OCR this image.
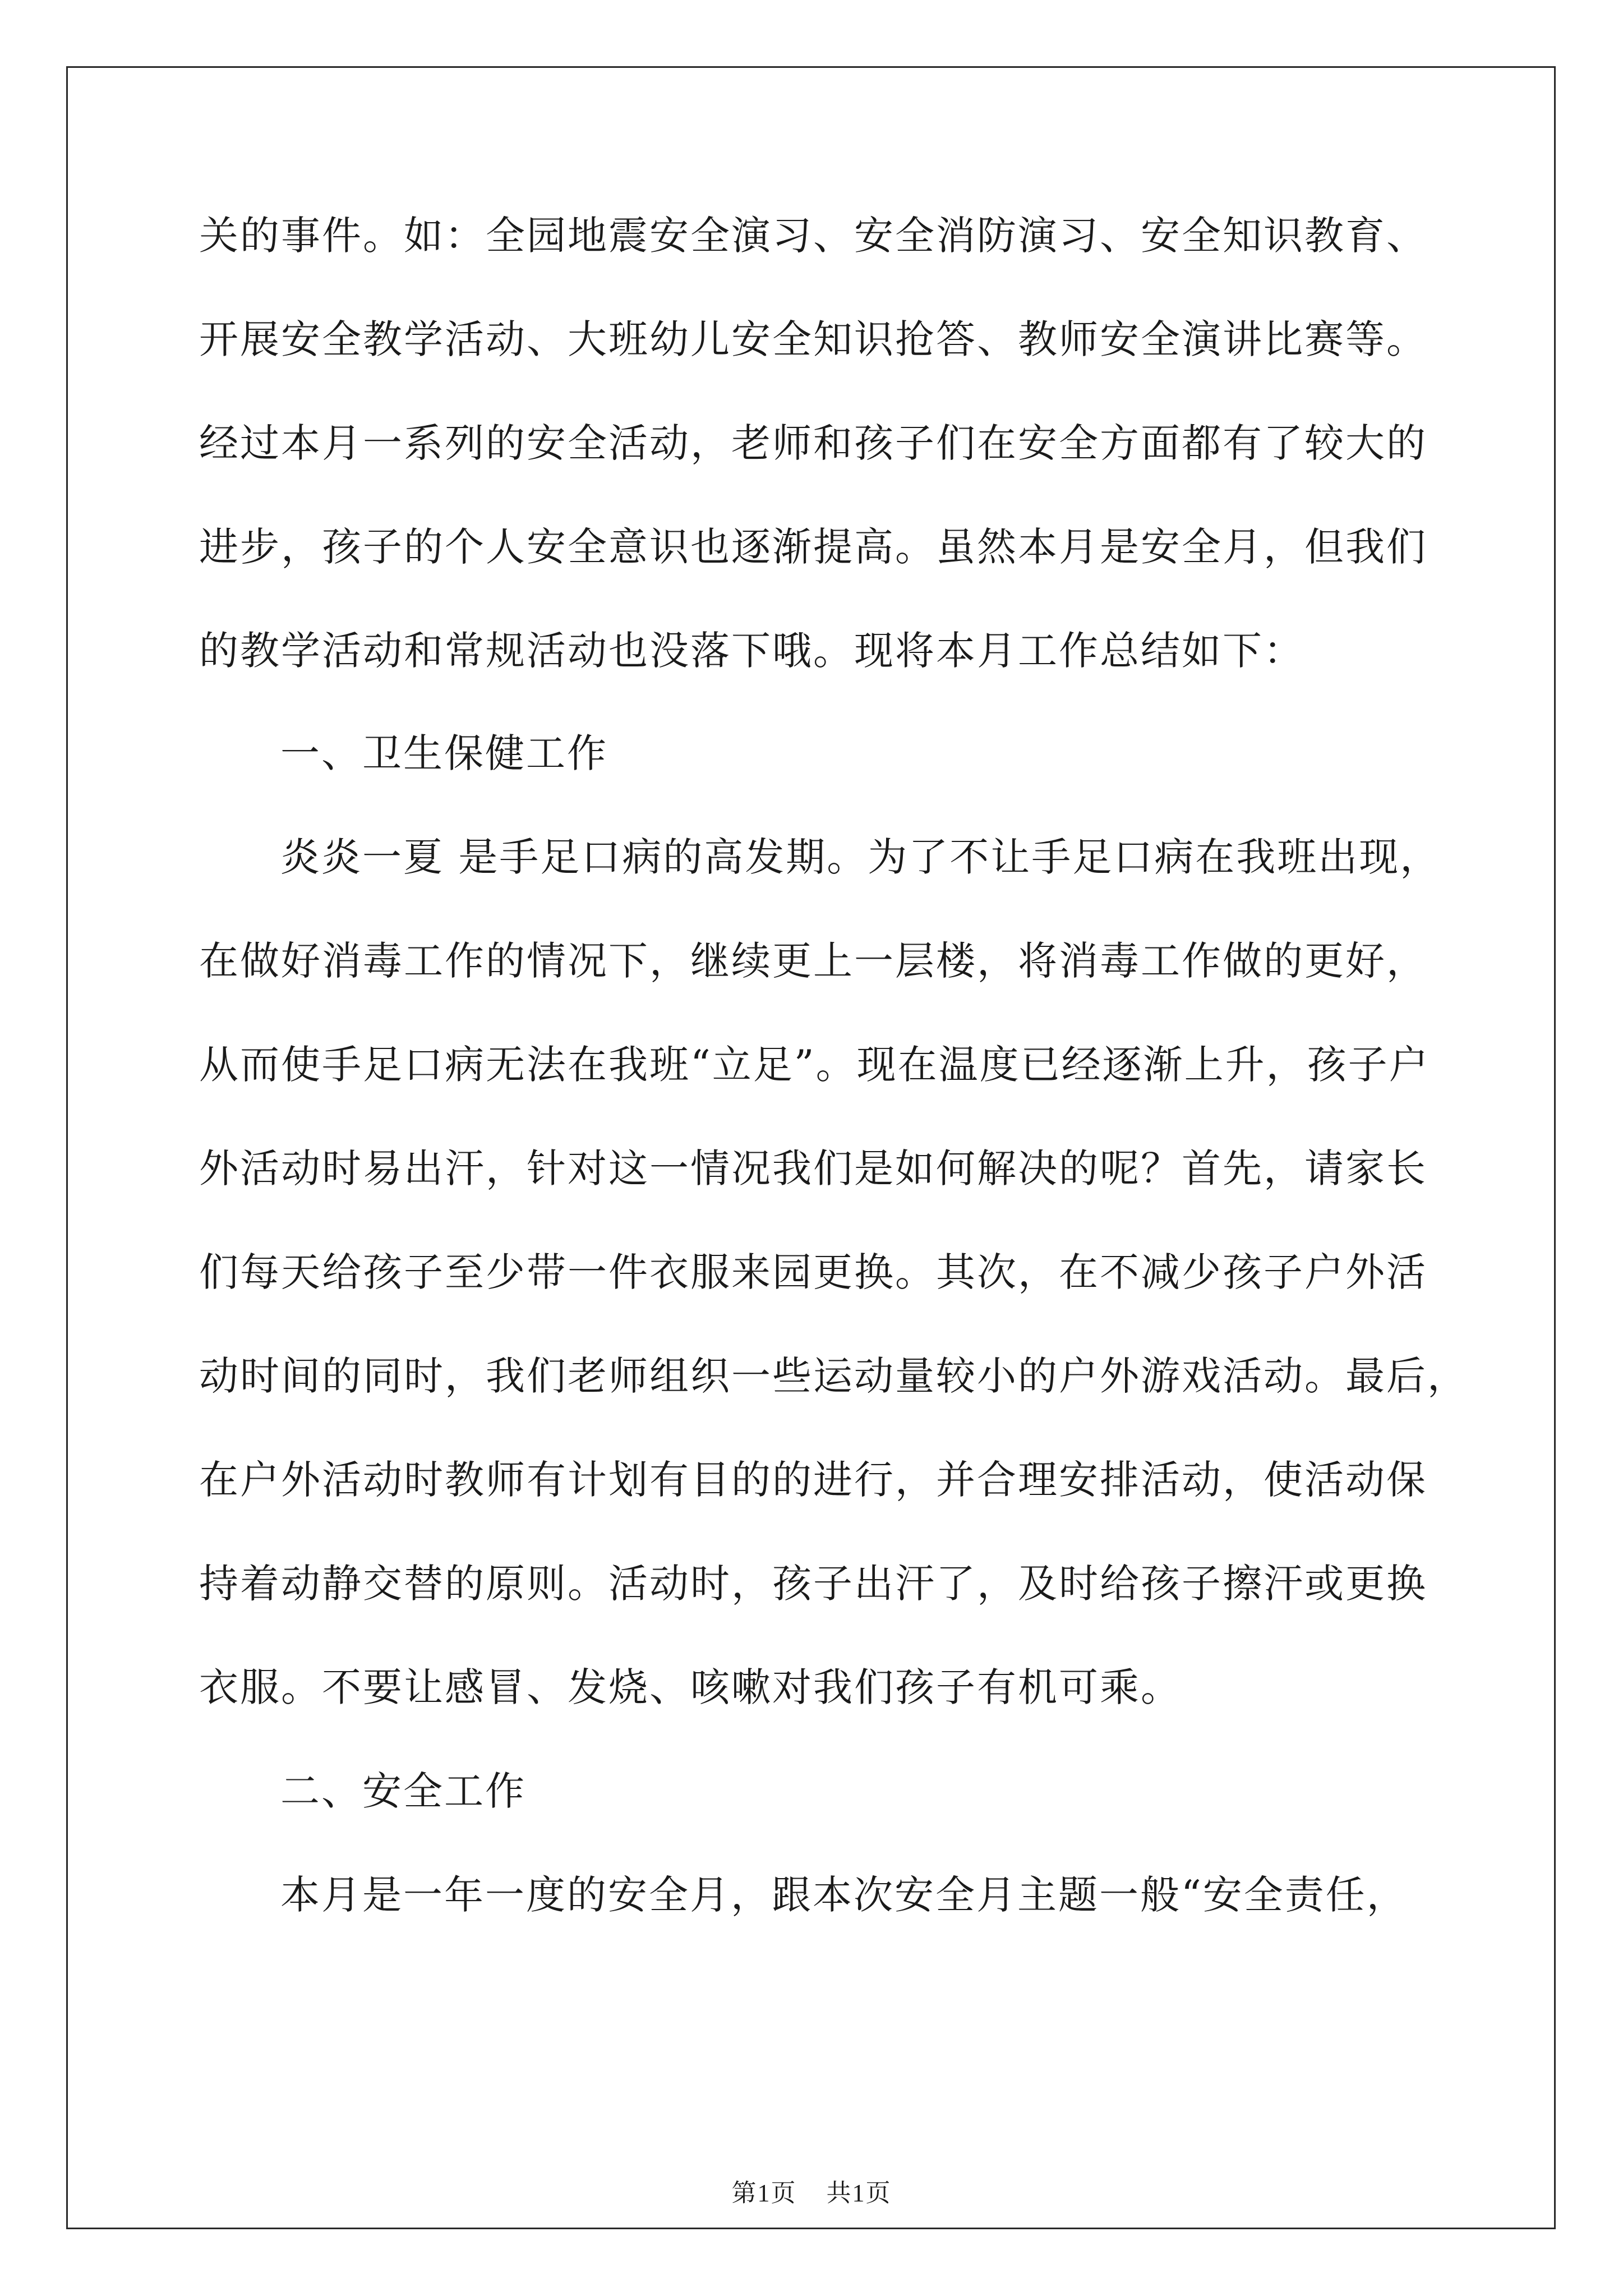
关的事件。如：全园地震安全演习、安全消防演习、安全知识教育、
开展安全教学活动、大班幼儿安全知识抢答、教师安全演讲比赛等。
经过本月一系列的安全活动，老师和孩子们在安全方面都有了较大的
进步，孩子的个人安全意识也逐渐提高。虽然本月是安全月，但我们
的教学活动和常规活动也没落下哦。现将本月工作总结如下：
一、卫生保健工作
炎炎一夏 是手足口病的高发期。为了不让手足口病在我班出现，
在做好消毒工作的情况下，继续更上一层楼，将消毒工作做的更好，
从而使手足口病无法在我班“立足”。现在温度已经逐渐上升，孩子户
外活动时易出汗，针对这一情况我们是如何解决的呢？首先，请家长
们每天给孩子至少带一件衣服来园更换。其次，在不减少孩子户外活
动时间的同时，我们老师组织一些运动量较小的户外游戏活动。最后，
在户外活动时教师有计划有目的的进行，并合理安排活动，使活动保
持着动静交替的原则。活动时，孩子出汗了，及时给孩子擦汗或更换
衣服。不要让感冒、发烧、咳嗽对我们孩子有机可乘。
二、安全工作
本月是一年一度的安全月，跟本次安全月主题一般“安全责任，
第1页 共1页
